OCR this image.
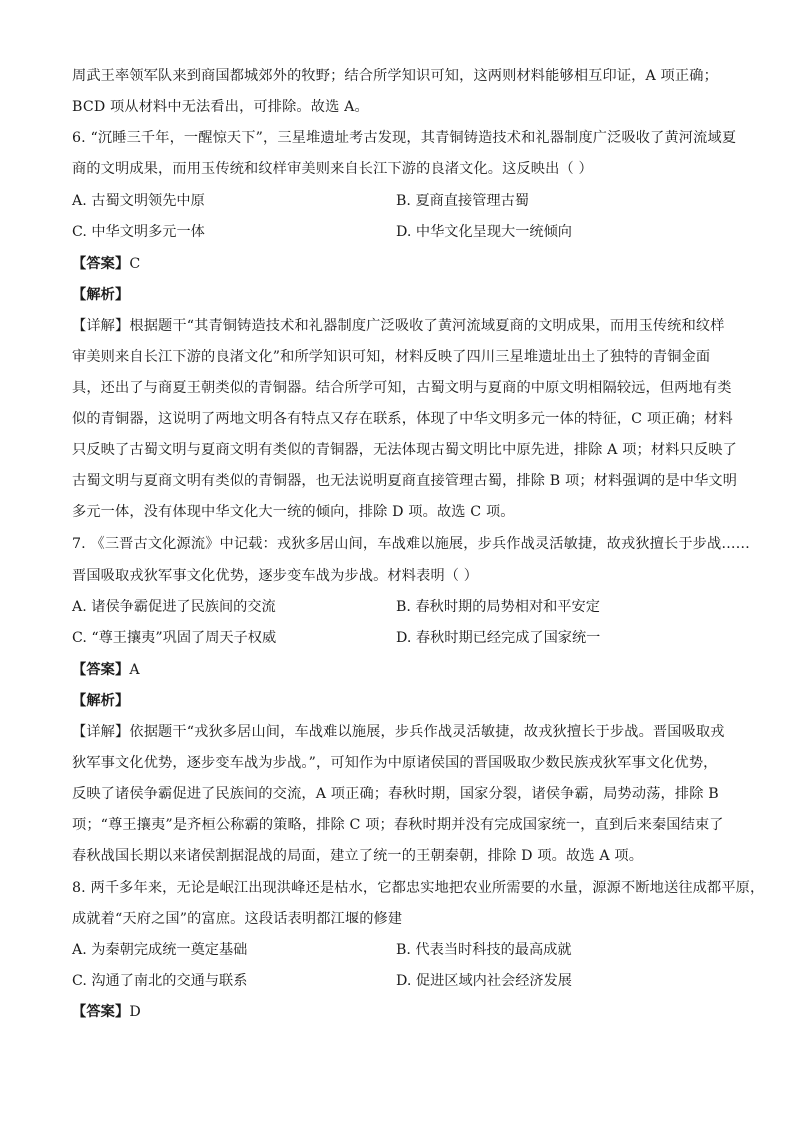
周武王率领军队来到商国都城郊外的牧野；结合所学知识可知，这两则材料能够相互印证，A 项正确；
BCD 项从材料中无法看出，可排除。故选 A。
6. “沉睡三千年，一醒惊天下”，三星堆遗址考古发现，其青铜铸造技术和礼器制度广泛吸收了黄河流域夏
商的文明成果，而用玉传统和纹样审美则来自长江下游的良渚文化。这反映出（ ）
A. 古蜀文明领先中原	B. 夏商直接管理古蜀
C. 中华文明多元一体	D. 中华文化呈现大一统倾向
【答案】C
【解析】
【详解】根据题干“其青铜铸造技术和礼器制度广泛吸收了黄河流域夏商的文明成果，而用玉传统和纹样
审美则来自长江下游的良渚文化”和所学知识可知，材料反映了四川三星堆遗址出土了独特的青铜金面
具，还出了与商夏王朝类似的青铜器。结合所学可知，古蜀文明与夏商的中原文明相隔较远，但两地有类
似的青铜器，这说明了两地文明各有特点又存在联系，体现了中华文明多元一体的特征，C 项正确；材料
只反映了古蜀文明与夏商文明有类似的青铜器，无法体现古蜀文明比中原先进，排除 A 项；材料只反映了
古蜀文明与夏商文明有类似的青铜器，也无法说明夏商直接管理古蜀，排除 B 项；材料强调的是中华文明
多元一体，没有体现中华文化大一统的倾向，排除 D 项。故选 C 项。
7. 《三晋古文化源流》中记载：戎狄多居山间，车战难以施展，步兵作战灵活敏捷，故戎狄擅长于步战……
晋国吸取戎狄军事文化优势，逐步变车战为步战。材料表明（ ）
A. 诸侯争霸促进了民族间的交流	B. 春秋时期的局势相对和平安定
C. “尊王攘夷”巩固了周天子权威	D. 春秋时期已经完成了国家统一
【答案】A
【解析】
【详解】依据题干“戎狄多居山间，车战难以施展，步兵作战灵活敏捷，故戎狄擅长于步战。晋国吸取戎
狄军事文化优势，逐步变车战为步战。”，可知作为中原诸侯国的晋国吸取少数民族戎狄军事文化优势，
反映了诸侯争霸促进了民族间的交流，A 项正确；春秋时期，国家分裂，诸侯争霸，局势动荡，排除 B
项；“尊王攘夷”是齐桓公称霸的策略，排除 C 项；春秋时期并没有完成国家统一，直到后来秦国结束了
春秋战国长期以来诸侯割据混战的局面，建立了统一的王朝秦朝，排除 D 项。故选 A 项。
8. 两千多年来，无论是岷江出现洪峰还是枯水，它都忠实地把农业所需要的水量，源源不断地送往成都平原，
成就着“天府之国”的富庶。这段话表明都江堰的修建
A. 为秦朝完成统一奠定基础	B. 代表当时科技的最高成就
C. 沟通了南北的交通与联系	D. 促进区域内社会经济发展
【答案】D
